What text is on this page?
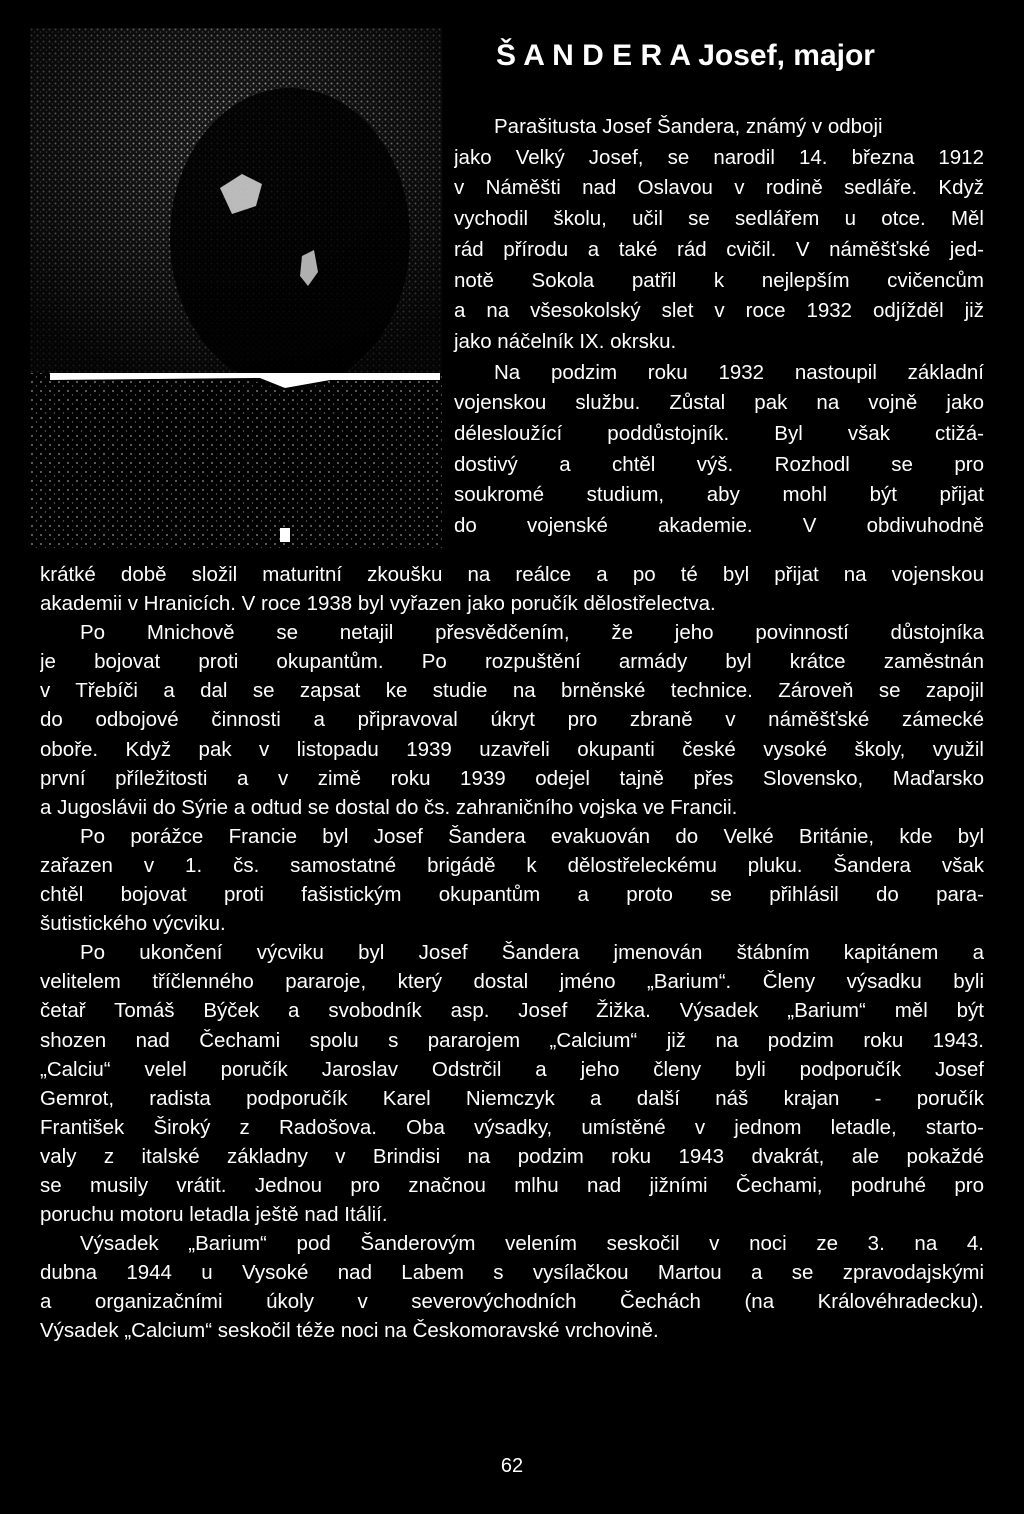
Š A N D E R A Josef, major
Parašitusta Josef Šandera, známý v odboji
jako Velký Josef, se narodil 14. března 1912
v Náměšti nad Oslavou v rodině sedláře. Když
vychodil školu, učil se sedlářem u otce. Měl
rád přírodu a také rád cvičil. V náměšťské jed-
notě Sokola patřil k nejlepším cvičencům
a na všesokolský slet v roce 1932 odjížděl již
jako náčelník IX. okrsku.
Na podzim roku 1932 nastoupil základní
vojenskou službu. Zůstal pak na vojně jako
délesloužící poddůstojník. Byl však ctižá-
dostivý a chtěl výš. Rozhodl se pro
soukromé studium, aby mohl být přijat
do vojenské akademie. V obdivuhodně
krátké době složil maturitní zkoušku na reálce a po té byl přijat na vojenskou
akademii v Hranicích. V roce 1938 byl vyřazen jako poručík dělostřelectva.
Po Mnichově se netajil přesvědčením, že jeho povinností důstojníka
je bojovat proti okupantům. Po rozpuštění armády byl krátce zaměstnán
v Třebíči a dal se zapsat ke studie na brněnské technice. Zároveň se zapojil
do odbojové činnosti a připravoval úkryt pro zbraně v náměšťské zámecké
oboře. Když pak v listopadu 1939 uzavřeli okupanti české vysoké školy, využil
první příležitosti a v zimě roku 1939 odejel tajně přes Slovensko, Maďarsko
a Jugoslávii do Sýrie a odtud se dostal do čs. zahraničního vojska ve Francii.
Po porážce Francie byl Josef Šandera evakuován do Velké Británie, kde byl
zařazen v 1. čs. samostatné brigádě k dělostřeleckému pluku. Šandera však
chtěl bojovat proti fašistickým okupantům a proto se přihlásil do para-
šutistického výcviku.
Po ukončení výcviku byl Josef Šandera jmenován štábním kapitánem a
velitelem tříčlenného pararoje, který dostal jméno „Barium“. Členy výsadku byli
četař Tomáš Býček a svobodník asp. Josef Žižka. Výsadek „Barium“ měl být
shozen nad Čechami spolu s pararojem „Calcium“ již na podzim roku 1943.
„Calciu“ velel poručík Jaroslav Odstrčil a jeho členy byli podporučík Josef
Gemrot, radista podporučík Karel Niemczyk a další náš krajan - poručík
František Široký z Radošova. Oba výsadky, umístěné v jednom letadle, starto-
valy z italské základny v Brindisi na podzim roku 1943 dvakrát, ale pokaždé
se musily vrátit. Jednou pro značnou mlhu nad jižními Čechami, podruhé pro
poruchu motoru letadla ještě nad Itálií.
Výsadek „Barium“ pod Šanderovým velením seskočil v noci ze 3. na 4.
dubna 1944 u Vysoké nad Labem s vysílačkou Martou a se zpravodajskými
a organizačními úkoly v severovýchodních Čechách (na Královéhradecku).
Výsadek „Calcium“ seskočil téže noci na Českomoravské vrchovině.
62
